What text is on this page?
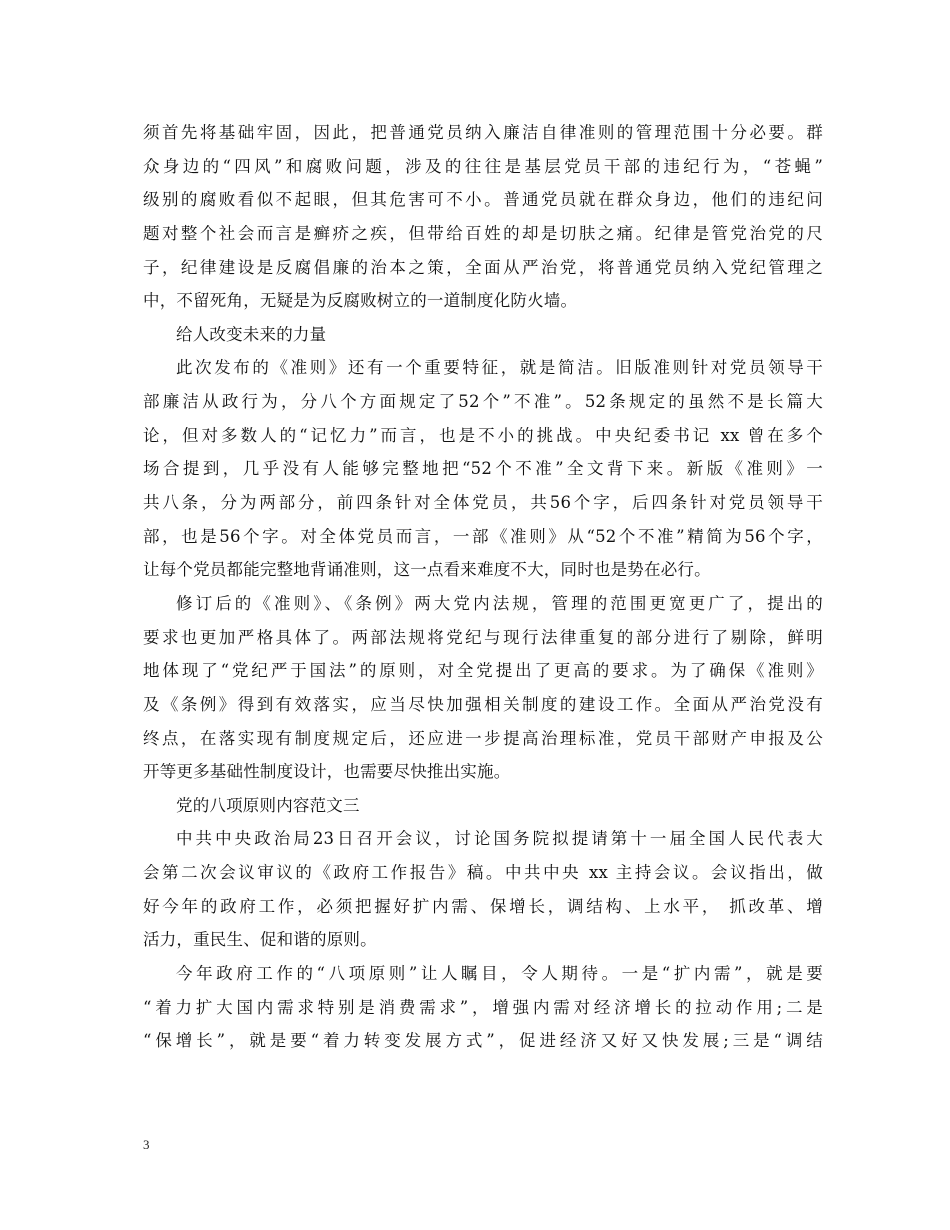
须首先将基础牢固，因此，把普通党员纳入廉洁自律准则的管理范围十分必要。群
众身边的“四风”和腐败问题，涉及的往往是基层党员干部的违纪行为，“苍蝇”
级别的腐败看似不起眼，但其危害可不小。普通党员就在群众身边，他们的违纪问
题对整个社会而言是癣疥之疾，但带给百姓的却是切肤之痛。纪律是管党治党的尺
子，纪律建设是反腐倡廉的治本之策，全面从严治党，将普通党员纳入党纪管理之
中，不留死角，无疑是为反腐败树立的一道制度化防火墙。
给人改变未来的力量
此次发布的《准则》还有一个重要特征，就是简洁。旧版准则针对党员领导干
部廉洁从政行为，分八个方面规定了52个”不准”。52条规定的虽然不是长篇大
论，但对多数人的“记忆力”而言，也是不小的挑战。中央纪委书记 xx 曾在多个
场合提到，几乎没有人能够完整地把“52个不准”全文背下来。新版《准则》一
共八条，分为两部分，前四条针对全体党员，共56个字，后四条针对党员领导干
部，也是56个字。对全体党员而言，一部《准则》从“52个不准”精简为56个字，
让每个党员都能完整地背诵准则，这一点看来难度不大，同时也是势在必行。
修订后的《准则》、《条例》两大党内法规，管理的范围更宽更广了，提出的
要求也更加严格具体了。两部法规将党纪与现行法律重复的部分进行了剔除，鲜明
地体现了“党纪严于国法”的原则，对全党提出了更高的要求。为了确保《准则》
及《条例》得到有效落实，应当尽快加强相关制度的建设工作。全面从严治党没有
终点，在落实现有制度规定后，还应进一步提高治理标准，党员干部财产申报及公
开等更多基础性制度设计，也需要尽快推出实施。
党的八项原则内容范文三
中共中央政治局23日召开会议，讨论国务院拟提请第十一届全国人民代表大
会第二次会议审议的《政府工作报告》稿。中共中央 xx 主持会议。会议指出，做
好今年的政府工作，必须把握好扩内需、保增长，调结构、上水平， 抓改革、增
活力，重民生、促和谐的原则。
今年政府工作的“八项原则”让人瞩目，令人期待。一是“扩内需”，就是要
“着力扩大国内需求特别是消费需求”，增强内需对经济增长的拉动作用;二是
“保增长”，就是要“着力转变发展方式”，促进经济又好又快发展;三是“调结
3
